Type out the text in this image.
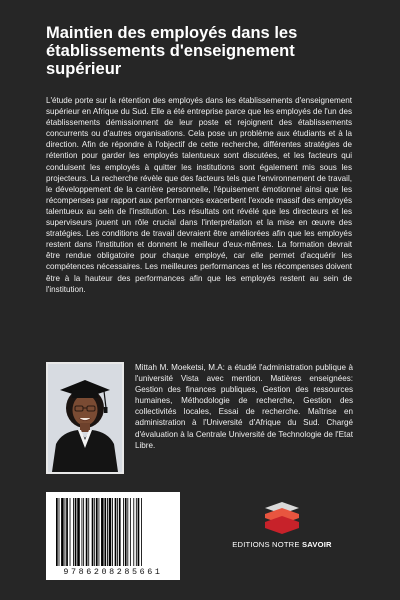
Maintien des employés dans les établissements d'enseignement supérieur

L'étude porte sur la rétention des employés dans les établissements d'enseignement supérieur en Afrique du Sud. Elle a été entreprise parce que les employés de l'un des établissements démissionnent de leur poste et rejoignent des établissements concurrents ou d'autres organisations. Cela pose un problème aux étudiants et à la direction. Afin de répondre à l'objectif de cette recherche, différentes stratégies de rétention pour garder les employés talentueux sont discutées, et les facteurs qui conduisent les employés à quitter les institutions sont également mis sous les projecteurs. La recherche révèle que des facteurs tels que l'environnement de travail, le développement de la carrière personnelle, l'épuisement émotionnel ainsi que les récompenses par rapport aux performances exacerbent l'exode massif des employés talentueux au sein de l'institution. Les résultats ont révélé que les directeurs et les superviseurs jouent un rôle crucial dans l'interprétation et la mise en œuvre des stratégies. Les conditions de travail devraient être améliorées afin que les employés restent dans l'institution et donnent le meilleur d'eux-mêmes. La formation devrait être rendue obligatoire pour chaque employé, car elle permet d'acquérir les compétences nécessaires. Les meilleures performances et les récompenses doivent être à la hauteur des performances afin que les employés restent au sein de l'institution.

Mittah M. Moeketsi, M.A: a étudié l'administration publique à l'université Vista avec mention. Matières enseignées: Gestion des finances publiques, Gestion des ressources humaines, Méthodologie de recherche, Gestion des collectivités locales, Essai de recherche. Maîtrise en administration à l'Université d'Afrique du Sud. Chargé d'évaluation à la Centrale Université de Technologie de l'Etat Libre.

9786208285661
EDITIONS NOTRE SAVOIR
